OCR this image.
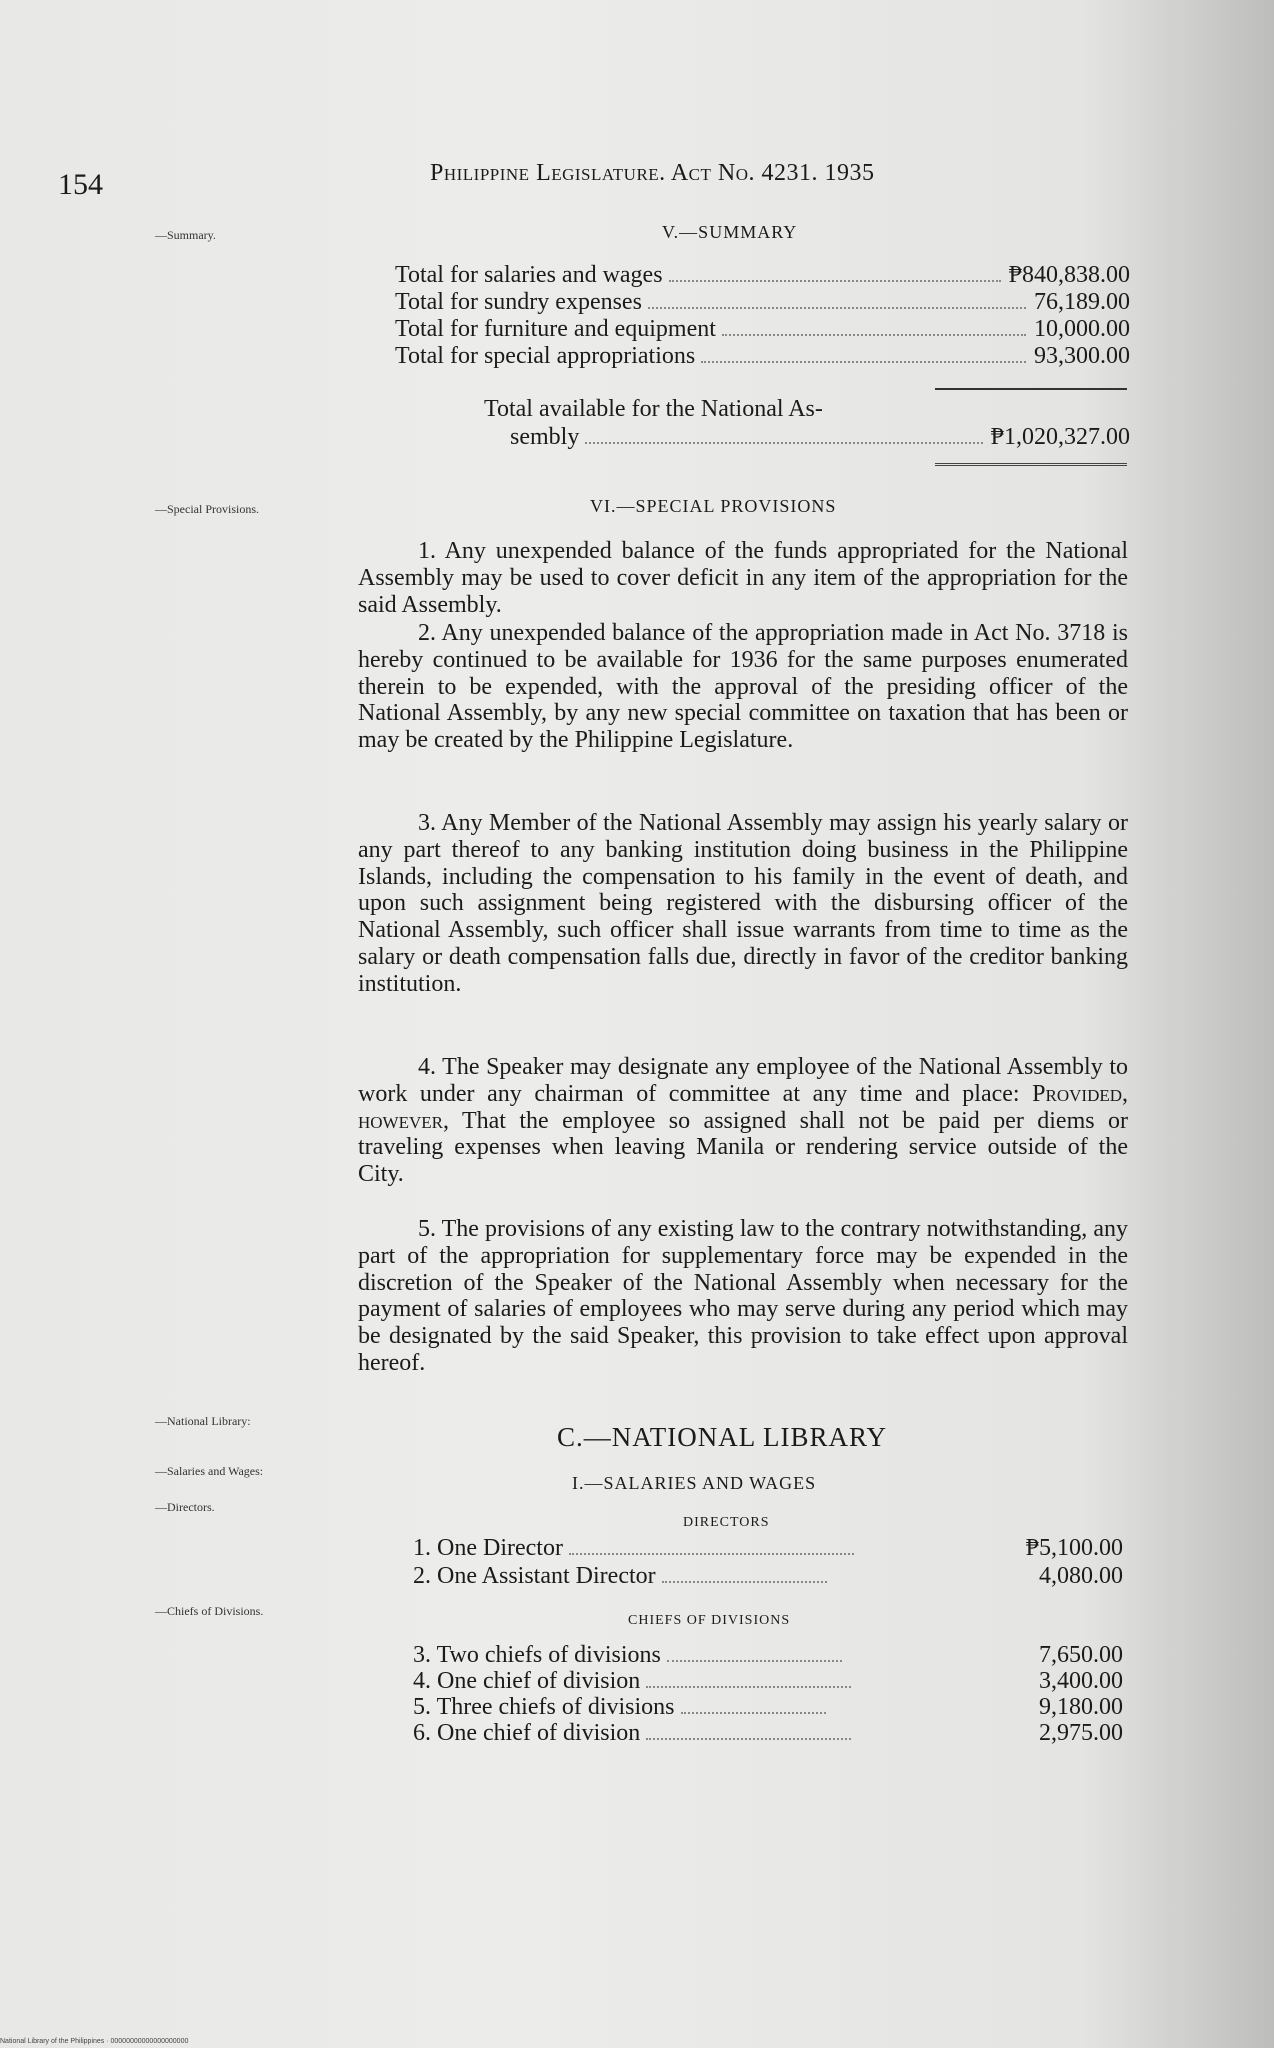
154	Philippine Legislature. Act No. 4231. 1935
—Summary.	V.—SUMMARY
Total for salaries and wages	₱840,838.00
Total for sundry expenses	76,189.00
Total for furniture and equipment	10,000.00
Total for special appropriations	93,300.00
Total available for the National As-
sembly	₱1,020,327.00
—Special Provisions.	VI.—SPECIAL PROVISIONS
1. Any unexpended balance of the funds appropriated for the National Assembly may be used to cover deficit in any item of the appropriation for the said Assembly.
2. Any unexpended balance of the appropriation made in Act No. 3718 is hereby continued to be available for 1936 for the same purposes enumerated therein to be expended, with the approval of the presiding officer of the National Assembly, by any new special committee on taxation that has been or may be created by the Philippine Legislature.
3. Any Member of the National Assembly may assign his yearly salary or any part thereof to any banking institution doing business in the Philippine Islands, including the compensation to his family in the event of death, and upon such assignment being registered with the disbursing officer of the National Assembly, such officer shall issue warrants from time to time as the salary or death compensation falls due, directly in favor of the creditor banking institution.
4. The Speaker may designate any employee of the National Assembly to work under any chairman of committee at any time and place: Provided, however, That the employee so assigned shall not be paid per diems or traveling expenses when leaving Manila or rendering service outside of the City.
5. The provisions of any existing law to the contrary notwithstanding, any part of the appropriation for supplementary force may be expended in the discretion of the Speaker of the National Assembly when necessary for the payment of salaries of employees who may serve during any period which may be designated by the said Speaker, this provision to take effect upon approval hereof.
—National Library:
C.—NATIONAL LIBRARY
—Salaries and Wages:
I.—SALARIES AND WAGES
—Directors.
DIRECTORS
1. One Director	₱5,100.00
2. One Assistant Director	4,080.00
—Chiefs of Divisions.
CHIEFS OF DIVISIONS
3. Two chiefs of divisions	7,650.00
4. One chief of division	3,400.00
5. Three chiefs of divisions	9,180.00
6. One chief of division	2,975.00
National Library of the Philippines · 00000000000000000000
